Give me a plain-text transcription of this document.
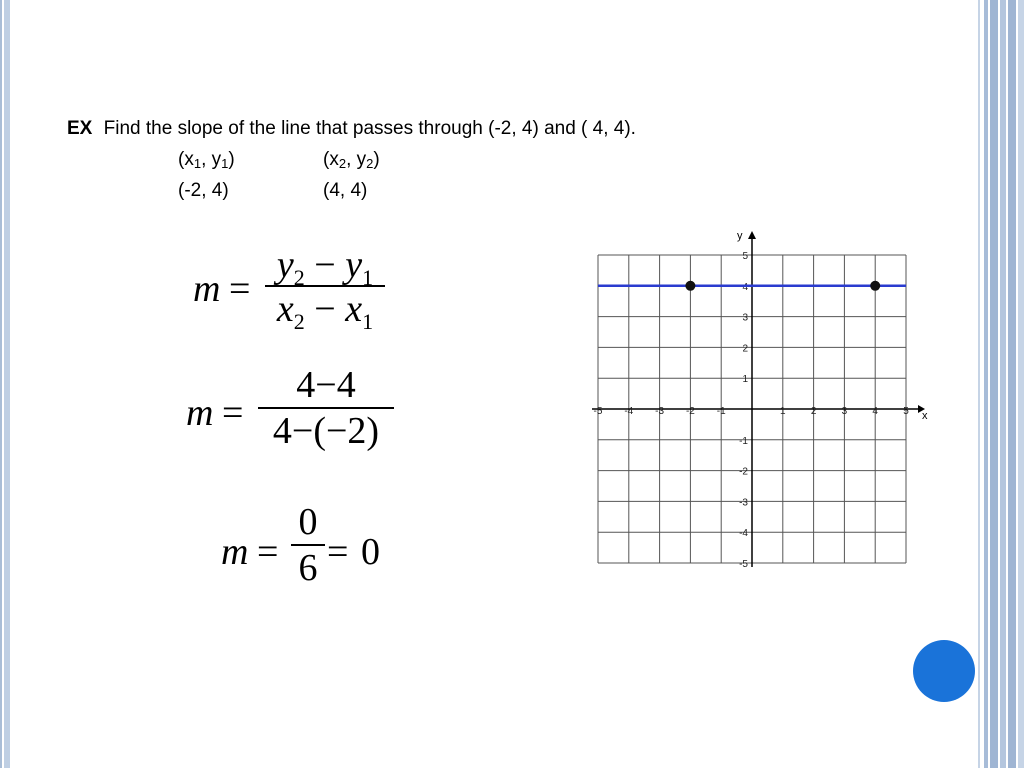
EX Find the slope of the line that passes through (-2, 4) and ( 4, 4).
($x_1$, $y_1$)	($x_2$, $y_2$)
(-2, 4)	(4, 4)
m =
$y_2 - y_1$
$x_2 - x_1$
m =
4−4
4−(−2)
m =
0
6 = 0
x
y
-5 -4 -3 -2 -1	1	2	3	4	5
5
4
3
2
1
-1
-2
-3
-4
-5
